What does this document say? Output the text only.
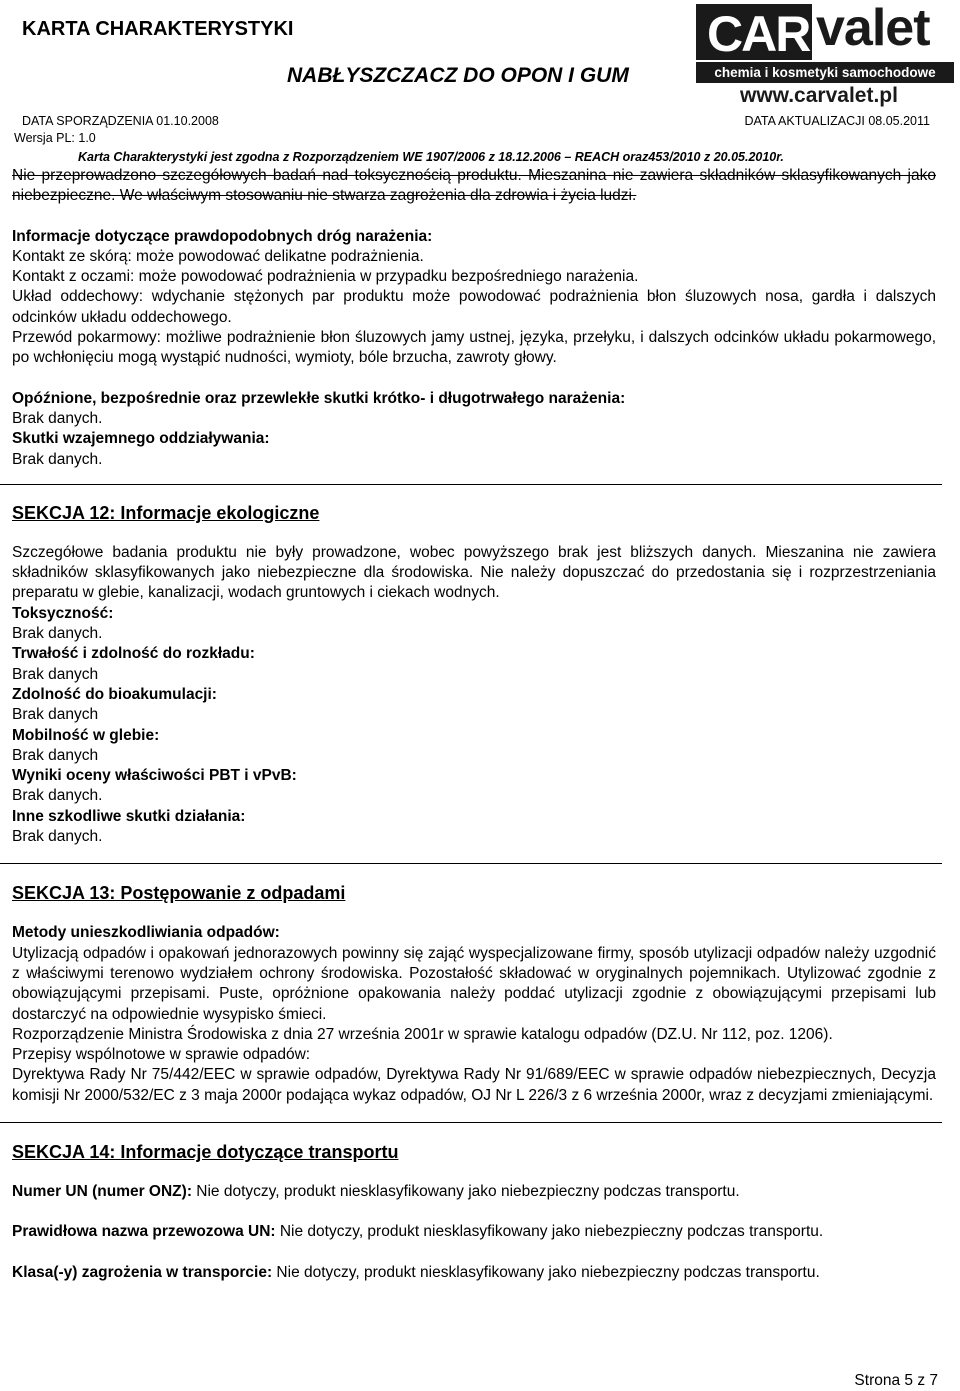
KARTA CHARAKTERYSTYKI
NABŁYSZCZACZ DO OPON I GUM
DATA SPORZĄDZENIA 01.10.2008
Wersja PL: 1.0
DATA AKTUALIZACJI 08.05.2011
Karta Charakterystyki jest zgodna z Rozporządzeniem WE 1907/2006 z 18.12.2006 – REACH oraz453/2010 z 20.05.2010r.
CAR valet
chemia i kosmetyki samochodowe
www.carvalet.pl

Nie przeprowadzono szczegółowych badań nad toksycznością produktu. Mieszanina nie zawiera składników sklasyfikowanych jako niebezpieczne. We właściwym stosowaniu nie stwarza zagrożenia dla zdrowia i życia ludzi.

Informacje dotyczące prawdopodobnych dróg narażenia:

Kontakt ze skórą: może powodować delikatne podrażnienia.

Kontakt z oczami: może powodować podrażnienia w przypadku bezpośredniego narażenia.

Układ oddechowy: wdychanie stężonych par produktu może powodować podrażnienia błon śluzowych nosa, gardła i dalszych odcinków układu oddechowego.

Przewód pokarmowy: możliwe podrażnienie błon śluzowych jamy ustnej, języka, przełyku, i dalszych odcinków układu pokarmowego, po wchłonięciu mogą wystąpić nudności, wymioty, bóle brzucha, zawroty głowy.

Opóźnione, bezpośrednie oraz przewlekłe skutki krótko- i długotrwałego narażenia:

Brak danych.

Skutki wzajemnego oddziaływania:

Brak danych.

SEKCJA 12: Informacje ekologiczne

Szczegółowe badania produktu nie były prowadzone, wobec powyższego brak jest bliższych danych. Mieszanina nie zawiera składników sklasyfikowanych jako niebezpieczne dla środowiska. Nie należy dopuszczać do przedostania się i rozprzestrzeniania preparatu w glebie, kanalizacji, wodach gruntowych i ciekach wodnych.

Toksyczność:

Brak danych.

Trwałość i zdolność do rozkładu:

Brak danych

Zdolność do bioakumulacji:

Brak danych

Mobilność w glebie:

Brak danych

Wyniki oceny właściwości PBT i vPvB:

Brak danych.

Inne szkodliwe skutki działania:

Brak danych.

SEKCJA 13: Postępowanie z odpadami

Metody unieszkodliwiania odpadów:

Utylizacją odpadów i opakowań jednorazowych powinny się zająć wyspecjalizowane firmy, sposób utylizacji odpadów należy uzgodnić z właściwymi terenowo wydziałem ochrony środowiska. Pozostałość składować w oryginalnych pojemnikach. Utylizować zgodnie z obowiązującymi przepisami. Puste, opróżnione opakowania należy poddać utylizacji zgodnie z obowiązującymi przepisami lub dostarczyć na odpowiednie wysypisko śmieci.

Rozporządzenie Ministra Środowiska z dnia 27 września 2001r w sprawie katalogu odpadów (DZ.U. Nr 112, poz. 1206).

Przepisy wspólnotowe w sprawie odpadów:

Dyrektywa Rady Nr 75/442/EEC w sprawie odpadów, Dyrektywa Rady Nr 91/689/EEC w sprawie odpadów niebezpiecznych, Decyzja komisji Nr 2000/532/EC z 3 maja 2000r podająca wykaz odpadów, OJ Nr L 226/3 z 6 września 2000r, wraz z decyzjami zmieniającymi.

SEKCJA 14: Informacje dotyczące transportu

Numer UN (numer ONZ): Nie dotyczy, produkt niesklasyfikowany jako niebezpieczny podczas transportu.

Prawidłowa nazwa przewozowa UN: Nie dotyczy, produkt niesklasyfikowany jako niebezpieczny podczas transportu.

Klasa(-y) zagrożenia w transporcie: Nie dotyczy, produkt niesklasyfikowany jako niebezpieczny podczas transportu.

Strona 5 z 7
